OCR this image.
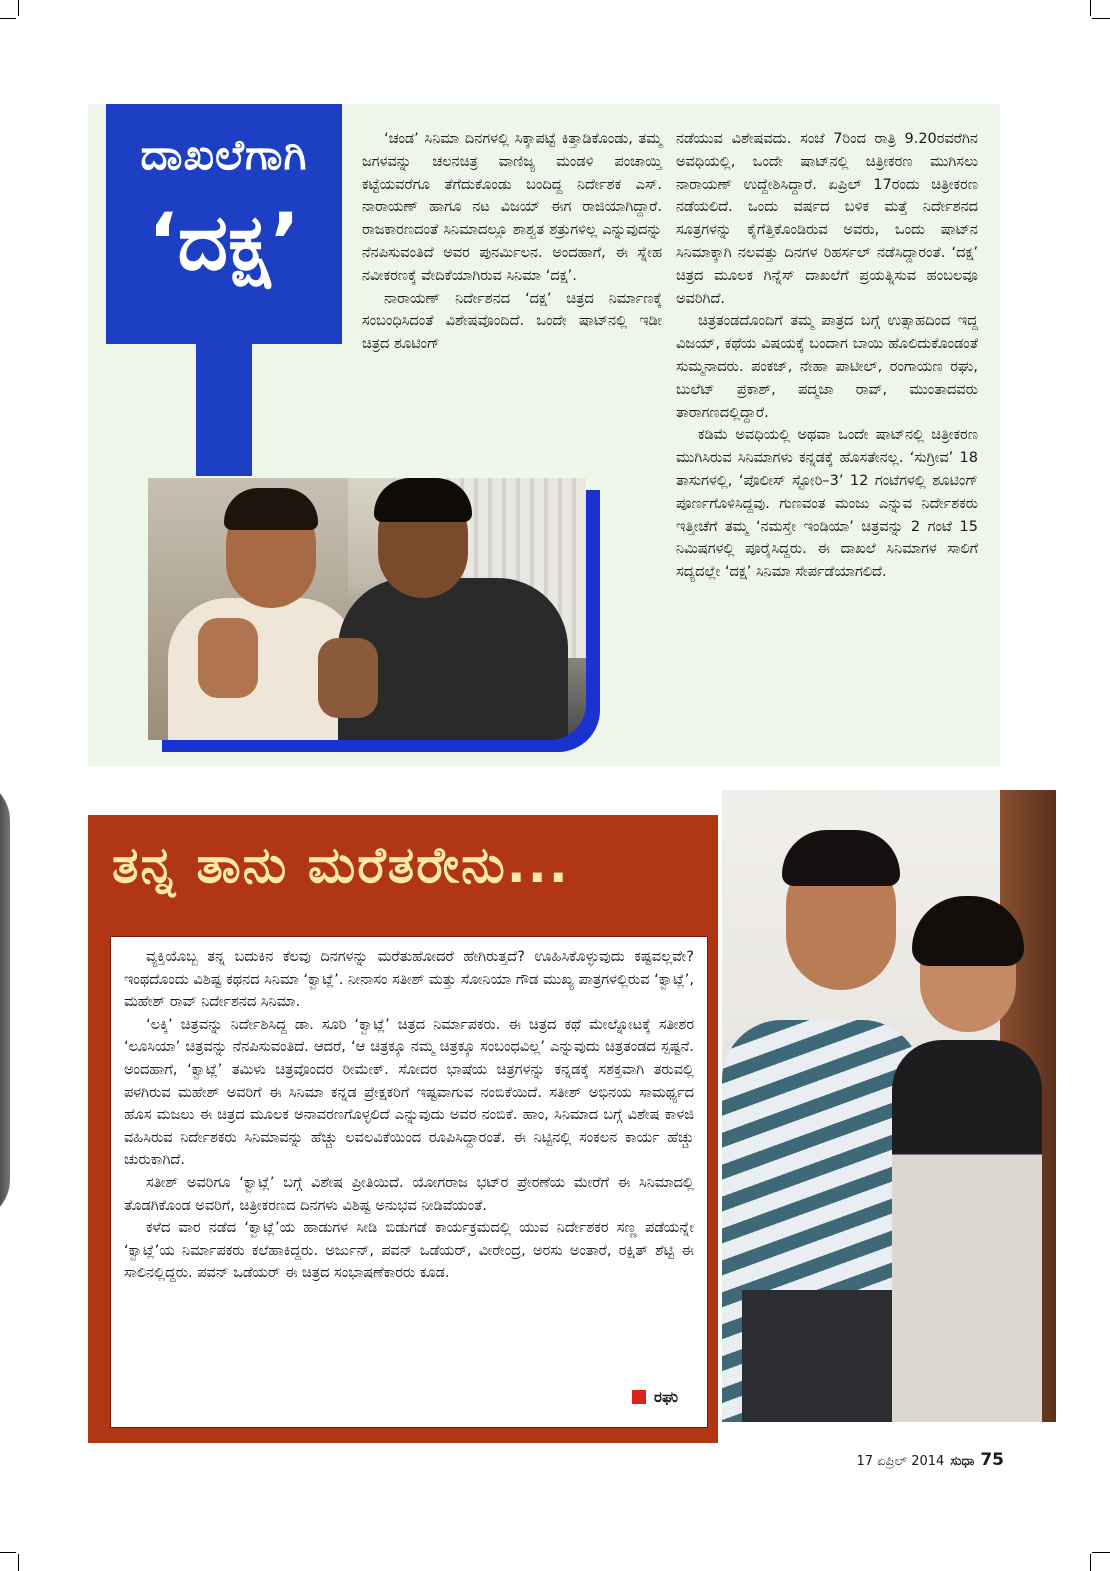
ದಾಖಲೆಗಾಗಿ
‘ದಕ್ಷ’

‘ಚಂಡ’ ಸಿನಿಮಾ ದಿನಗಳಲ್ಲಿ ಸಿಕ್ಕಾಪಟ್ಟೆ ಕಿತ್ತಾಡಿಕೊಂಡು, ತಮ್ಮ ಜಗಳವನ್ನು ಚಲನಚಿತ್ರ ವಾಣಿಜ್ಯ ಮಂಡಳಿ ಪಂಚಾಯ್ತಿ ಕಟ್ಟೆಯವರೆಗೂ ತೆಗೆದುಕೊಂಡು ಬಂದಿದ್ದ ನಿರ್ದೇಶಕ ಎಸ್. ನಾರಾಯಣ್ ಹಾಗೂ ನಟ ವಿಜಯ್ ಈಗ ರಾಜಿಯಾಗಿದ್ದಾರೆ. ರಾಜಕಾರಣದಂತೆ ಸಿನಿಮಾದಲ್ಲೂ ಶಾಶ್ವತ ಶತ್ರುಗಳಿಲ್ಲ ಎನ್ನುವುದನ್ನು ನೆನಪಿಸುವಂತಿದೆ ಅವರ ಪುನರ್ಮಿಲನ. ಅಂದಹಾಗೆ, ಈ ಸ್ನೇಹ ನವೀಕರಣಕ್ಕೆ ವೇದಿಕೆಯಾಗಿರುವ ಸಿನಿಮಾ ‘ದಕ್ಷ’.

ನಾರಾಯಣ್ ನಿರ್ದೇಶನದ ‘ದಕ್ಷ’ ಚಿತ್ರದ ನಿರ್ಮಾಣಕ್ಕೆ ಸಂಬಂಧಿಸಿದಂತೆ ವಿಶೇಷವೊಂದಿದೆ. ಒಂದೇ ಷಾಟ್‌ನಲ್ಲಿ ಇಡೀ ಚಿತ್ರದ ಶೂಟಿಂಗ್

ನಡೆಯುವ ವಿಶೇಷವದು. ಸಂಜೆ 7ರಿಂದ ರಾತ್ರಿ 9.20ರವರೆಗಿನ ಅವಧಿಯಲ್ಲಿ, ಒಂದೇ ಷಾಟ್‌ನಲ್ಲಿ ಚಿತ್ರೀಕರಣ ಮುಗಿಸಲು ನಾರಾಯಣ್ ಉದ್ದೇಶಿಸಿದ್ದಾರೆ. ಏಪ್ರಿಲ್ 17ರಂದು ಚಿತ್ರೀಕರಣ ನಡೆಯಲಿದೆ. ಒಂದು ವರ್ಷದ ಬಳಿಕ ಮತ್ತೆ ನಿರ್ದೇಶನದ ಸೂತ್ರಗಳನ್ನು ಕೈಗೆತ್ತಿಕೊಂಡಿರುವ ಅವರು, ಒಂದು ಷಾಟ್‌ನ ಸಿನಿಮಾಕ್ಕಾಗಿ ನಲವತ್ತು ದಿನಗಳ ರಿಹರ್ಸಲ್ ನಡೆಸಿದ್ದಾರಂತೆ. ‘ದಕ್ಷ’ ಚಿತ್ರದ ಮೂಲಕ ಗಿನ್ನೆಸ್ ದಾಖಲೆಗೆ ಪ್ರಯತ್ನಿಸುವ ಹಂಬಲವೂ ಅವರಿಗಿದೆ.

ಚಿತ್ರತಂಡದೊಂದಿಗೆ ತಮ್ಮ ಪಾತ್ರದ ಬಗ್ಗೆ ಉತ್ಸಾಹದಿಂದ ಇದ್ದ ವಿಜಯ್, ಕಥೆಯ ವಿಷಯಕ್ಕೆ ಬಂದಾಗ ಬಾಯಿ ಹೊಲಿದುಕೊಂಡಂತೆ ಸುಮ್ಮನಾದರು. ಪಂಕಜ್, ನೇಹಾ ಪಾಟೀಲ್, ರಂಗಾಯಣ ರಘು, ಬುಲೆಟ್ ಪ್ರಕಾಶ್, ಪದ್ಮಜಾ ರಾವ್, ಮುಂತಾದವರು ತಾರಾಗಣದಲ್ಲಿದ್ದಾರೆ.

ಕಡಿಮೆ ಅವಧಿಯಲ್ಲಿ ಅಥವಾ ಒಂದೇ ಷಾಟ್‌ನಲ್ಲಿ ಚಿತ್ರೀಕರಣ ಮುಗಿಸಿರುವ ಸಿನಿಮಾಗಳು ಕನ್ನಡಕ್ಕೆ ಹೊಸತೇನಲ್ಲ. ‘ಸುಗ್ರೀವ’ 18 ತಾಸುಗಳಲ್ಲಿ, ‘ಪೊಲೀಸ್ ಸ್ಟೋರಿ–3’ 12 ಗಂಟೆಗಳಲ್ಲಿ ಶೂಟಿಂಗ್ ಪೂರ್ಣಗೊಳಿಸಿದ್ದವು. ಗುಣವಂತ ಮಂಜು ಎನ್ನುವ ನಿರ್ದೇಶಕರು ಇತ್ತೀಚೆಗೆ ತಮ್ಮ ‘ನಮಸ್ತೇ ಇಂಡಿಯಾ’ ಚಿತ್ರವನ್ನು 2 ಗಂಟೆ 15 ನಿಮಿಷಗಳಲ್ಲಿ ಪೂರೈಸಿದ್ದರು. ಈ ದಾಖಲೆ ಸಿನಿಮಾಗಳ ಸಾಲಿಗೆ ಸದ್ಯದಲ್ಲೇ ‘ದಕ್ಷ’ ಸಿನಿಮಾ ಸೇರ್ಪಡೆಯಾಗಲಿದೆ.

ತನ್ನ ತಾನು ಮರೆತರೇನು...

ವ್ಯಕ್ತಿಯೊಬ್ಬ ತನ್ನ ಬದುಕಿನ ಕೆಲವು ದಿನಗಳನ್ನು ಮರೆತುಹೋದರೆ ಹೇಗಿರುತ್ತದೆ? ಊಹಿಸಿಕೊಳ್ಳುವುದು ಕಷ್ಟವಲ್ಲವೇ? ಇಂಥದೊಂದು ವಿಶಿಷ್ಟ ಕಥನದ ಸಿನಿಮಾ ‘ಕ್ವಾಟ್ಲೆ’. ನೀನಾಸಂ ಸತೀಶ್ ಮತ್ತು ಸೋನಿಯಾ ಗೌಡ ಮುಖ್ಯ ಪಾತ್ರಗಳಲ್ಲಿರುವ ‘ಕ್ವಾಟ್ಲೆ’, ಮಹೇಶ್ ರಾವ್ ನಿರ್ದೇಶನದ ಸಿನಿಮಾ.

‘ಲಕ್ಕಿ’ ಚಿತ್ರವನ್ನು ನಿರ್ದೇಶಿಸಿದ್ದ ಡಾ. ಸೂರಿ ‘ಕ್ವಾಟ್ಲೆ’ ಚಿತ್ರದ ನಿರ್ಮಾಪಕರು. ಈ ಚಿತ್ರದ ಕಥೆ ಮೇಲ್ನೋಟಕ್ಕೆ ಸತೀಶರ ‘ಲೂಸಿಯಾ’ ಚಿತ್ರವನ್ನು ನೆನಪಿಸುವಂತಿದೆ. ಆದರೆ, ‘ಆ ಚಿತ್ರಕ್ಕೂ ನಮ್ಮ ಚಿತ್ರಕ್ಕೂ ಸಂಬಂಧವಿಲ್ಲ’ ಎನ್ನುವುದು ಚಿತ್ರತಂಡದ ಸ್ಪಷ್ಟನೆ. ಅಂದಹಾಗೆ, ‘ಕ್ವಾಟ್ಲೆ’ ತಮಿಳು ಚಿತ್ರವೊಂದರ ರೀಮೇಕ್. ಸೋದರ ಭಾಷೆಯ ಚಿತ್ರಗಳನ್ನು ಕನ್ನಡಕ್ಕೆ ಸಶಕ್ತವಾಗಿ ತರುವಲ್ಲಿ ಪಳಗಿರುವ ಮಹೇಶ್ ಅವರಿಗೆ ಈ ಸಿನಿಮಾ ಕನ್ನಡ ಪ್ರೇಕ್ಷಕರಿಗೆ ಇಷ್ಟವಾಗುವ ನಂಬಿಕೆಯಿದೆ. ಸತೀಶ್ ಅಭಿನಯ ಸಾಮರ್ಥ್ಯದ ಹೊಸ ಮಜಲು ಈ ಚಿತ್ರದ ಮೂಲಕ ಅನಾವರಣಗೊಳ್ಳಲಿದೆ ಎನ್ನುವುದು ಅವರ ನಂಬಿಕೆ. ಹಾಂ, ಸಿನಿಮಾದ ಬಗ್ಗೆ ವಿಶೇಷ ಕಾಳಜಿ ವಹಿಸಿರುವ ನಿರ್ದೇಶಕರು ಸಿನಿಮಾವನ್ನು ಹೆಚ್ಚು ಲವಲವಿಕೆಯಿಂದ ರೂಪಿಸಿದ್ದಾರಂತೆ. ಈ ನಿಟ್ಟಿನಲ್ಲಿ ಸಂಕಲನ ಕಾರ್ಯ ಹೆಚ್ಚು ಚುರುಕಾಗಿದೆ.

ಸತೀಶ್ ಅವರಿಗೂ ‘ಕ್ವಾಟ್ಲೆ’ ಬಗ್ಗೆ ವಿಶೇಷ ಪ್ರೀತಿಯಿದೆ. ಯೋಗರಾಜ ಭಟ್‌ರ ಪ್ರೇರಣೆಯ ಮೇರೆಗೆ ಈ ಸಿನಿಮಾದಲ್ಲಿ ತೊಡಗಿಕೊಂಡ ಅವರಿಗೆ, ಚಿತ್ರೀಕರಣದ ದಿನಗಳು ವಿಶಿಷ್ಟ ಅನುಭವ ನೀಡಿವೆಯಂತೆ.

ಕಳೆದ ವಾರ ನಡೆದ ‘ಕ್ವಾಟ್ಲೆ’ಯ ಹಾಡುಗಳ ಸೀಡಿ ಬಿಡುಗಡೆ ಕಾರ್ಯಕ್ರಮದಲ್ಲಿ ಯುವ ನಿರ್ದೇಶಕರ ಸಣ್ಣ ಪಡೆಯನ್ನೇ ‘ಕ್ವಾಟ್ಲೆ’ಯ ನಿರ್ಮಾಪಕರು ಕಲೆಹಾಕಿದ್ದರು. ಅರ್ಜುನ್, ಪವನ್ ಒಡೆಯರ್, ವೀರೇಂದ್ರ, ಅರಸು ಅಂತಾರೆ, ರಕ್ಷಿತ್ ಶೆಟ್ಟಿ ಈ ಸಾಲಿನಲ್ಲಿದ್ದರು. ಪವನ್ ಒಡೆಯರ್ ಈ ಚಿತ್ರದ ಸಂಭಾಷಣೆಕಾರರು ಕೂಡ.

ರಘು
17 ಏಪ್ರಿಲ್ 2014 ಸುಧಾ 75
